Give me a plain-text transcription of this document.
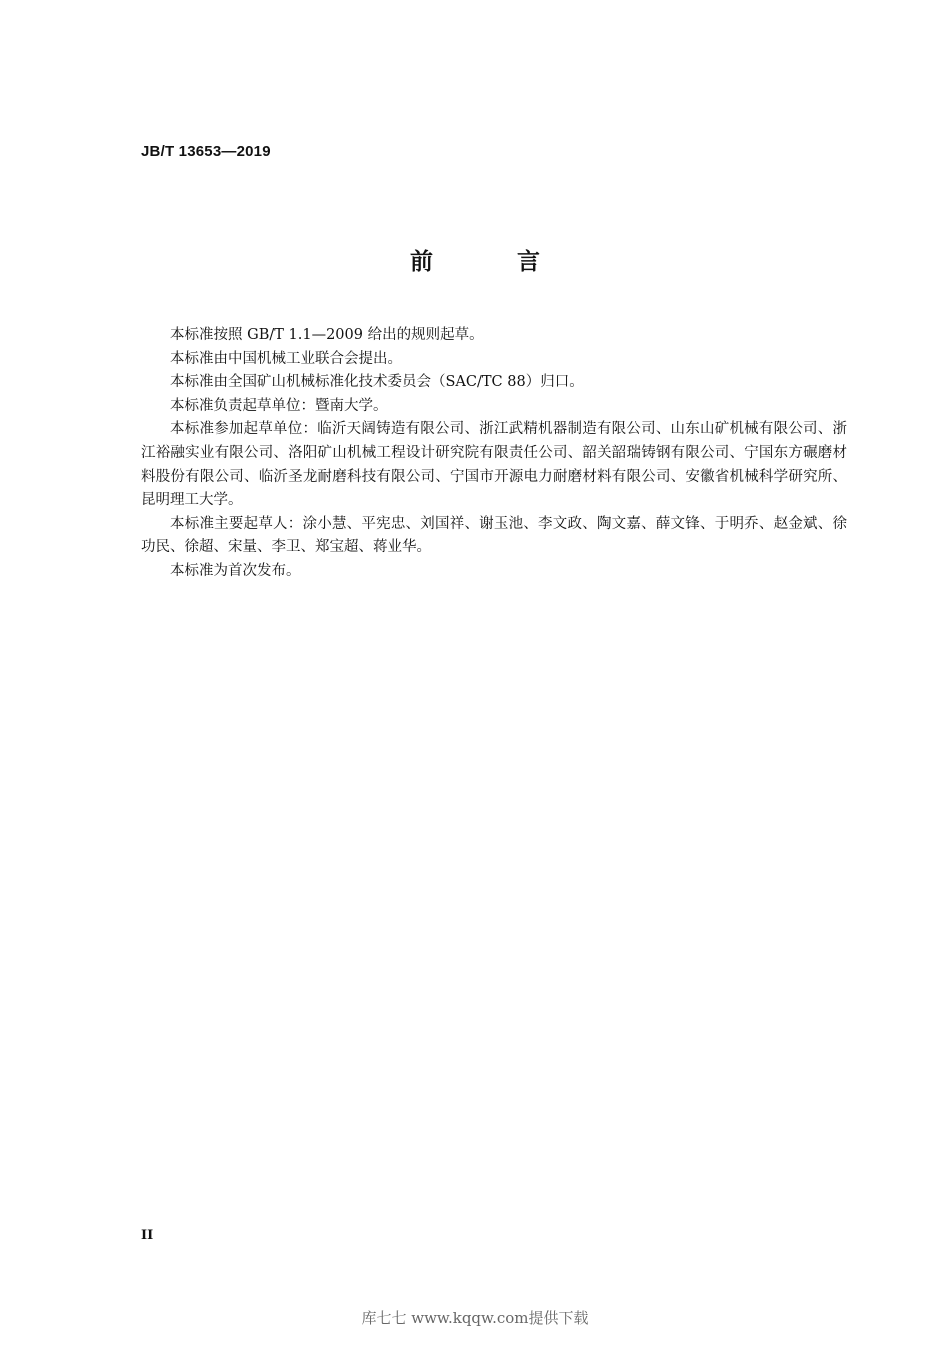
JB/T 13653—2019
前 言

本标准按照 GB/T 1.1—2009 给出的规则起草。

本标准由中国机械工业联合会提出。

本标准由全国矿山机械标准化技术委员会（SAC/TC 88）归口。

本标准负责起草单位：暨南大学。

本标准参加起草单位：临沂天阔铸造有限公司、浙江武精机器制造有限公司、山东山矿机械有限公司、浙江裕融实业有限公司、洛阳矿山机械工程设计研究院有限责任公司、韶关韶瑞铸钢有限公司、宁国东方碾磨材料股份有限公司、临沂圣龙耐磨科技有限公司、宁国市开源电力耐磨材料有限公司、安徽省机械科学研究所、昆明理工大学。

本标准主要起草人：涂小慧、平宪忠、刘国祥、谢玉池、李文政、陶文嘉、薛文锋、于明乔、赵金斌、徐功民、徐超、宋量、李卫、郑宝超、蒋业华。

本标准为首次发布。

II
库七七 www.kqqw.com提供下载
